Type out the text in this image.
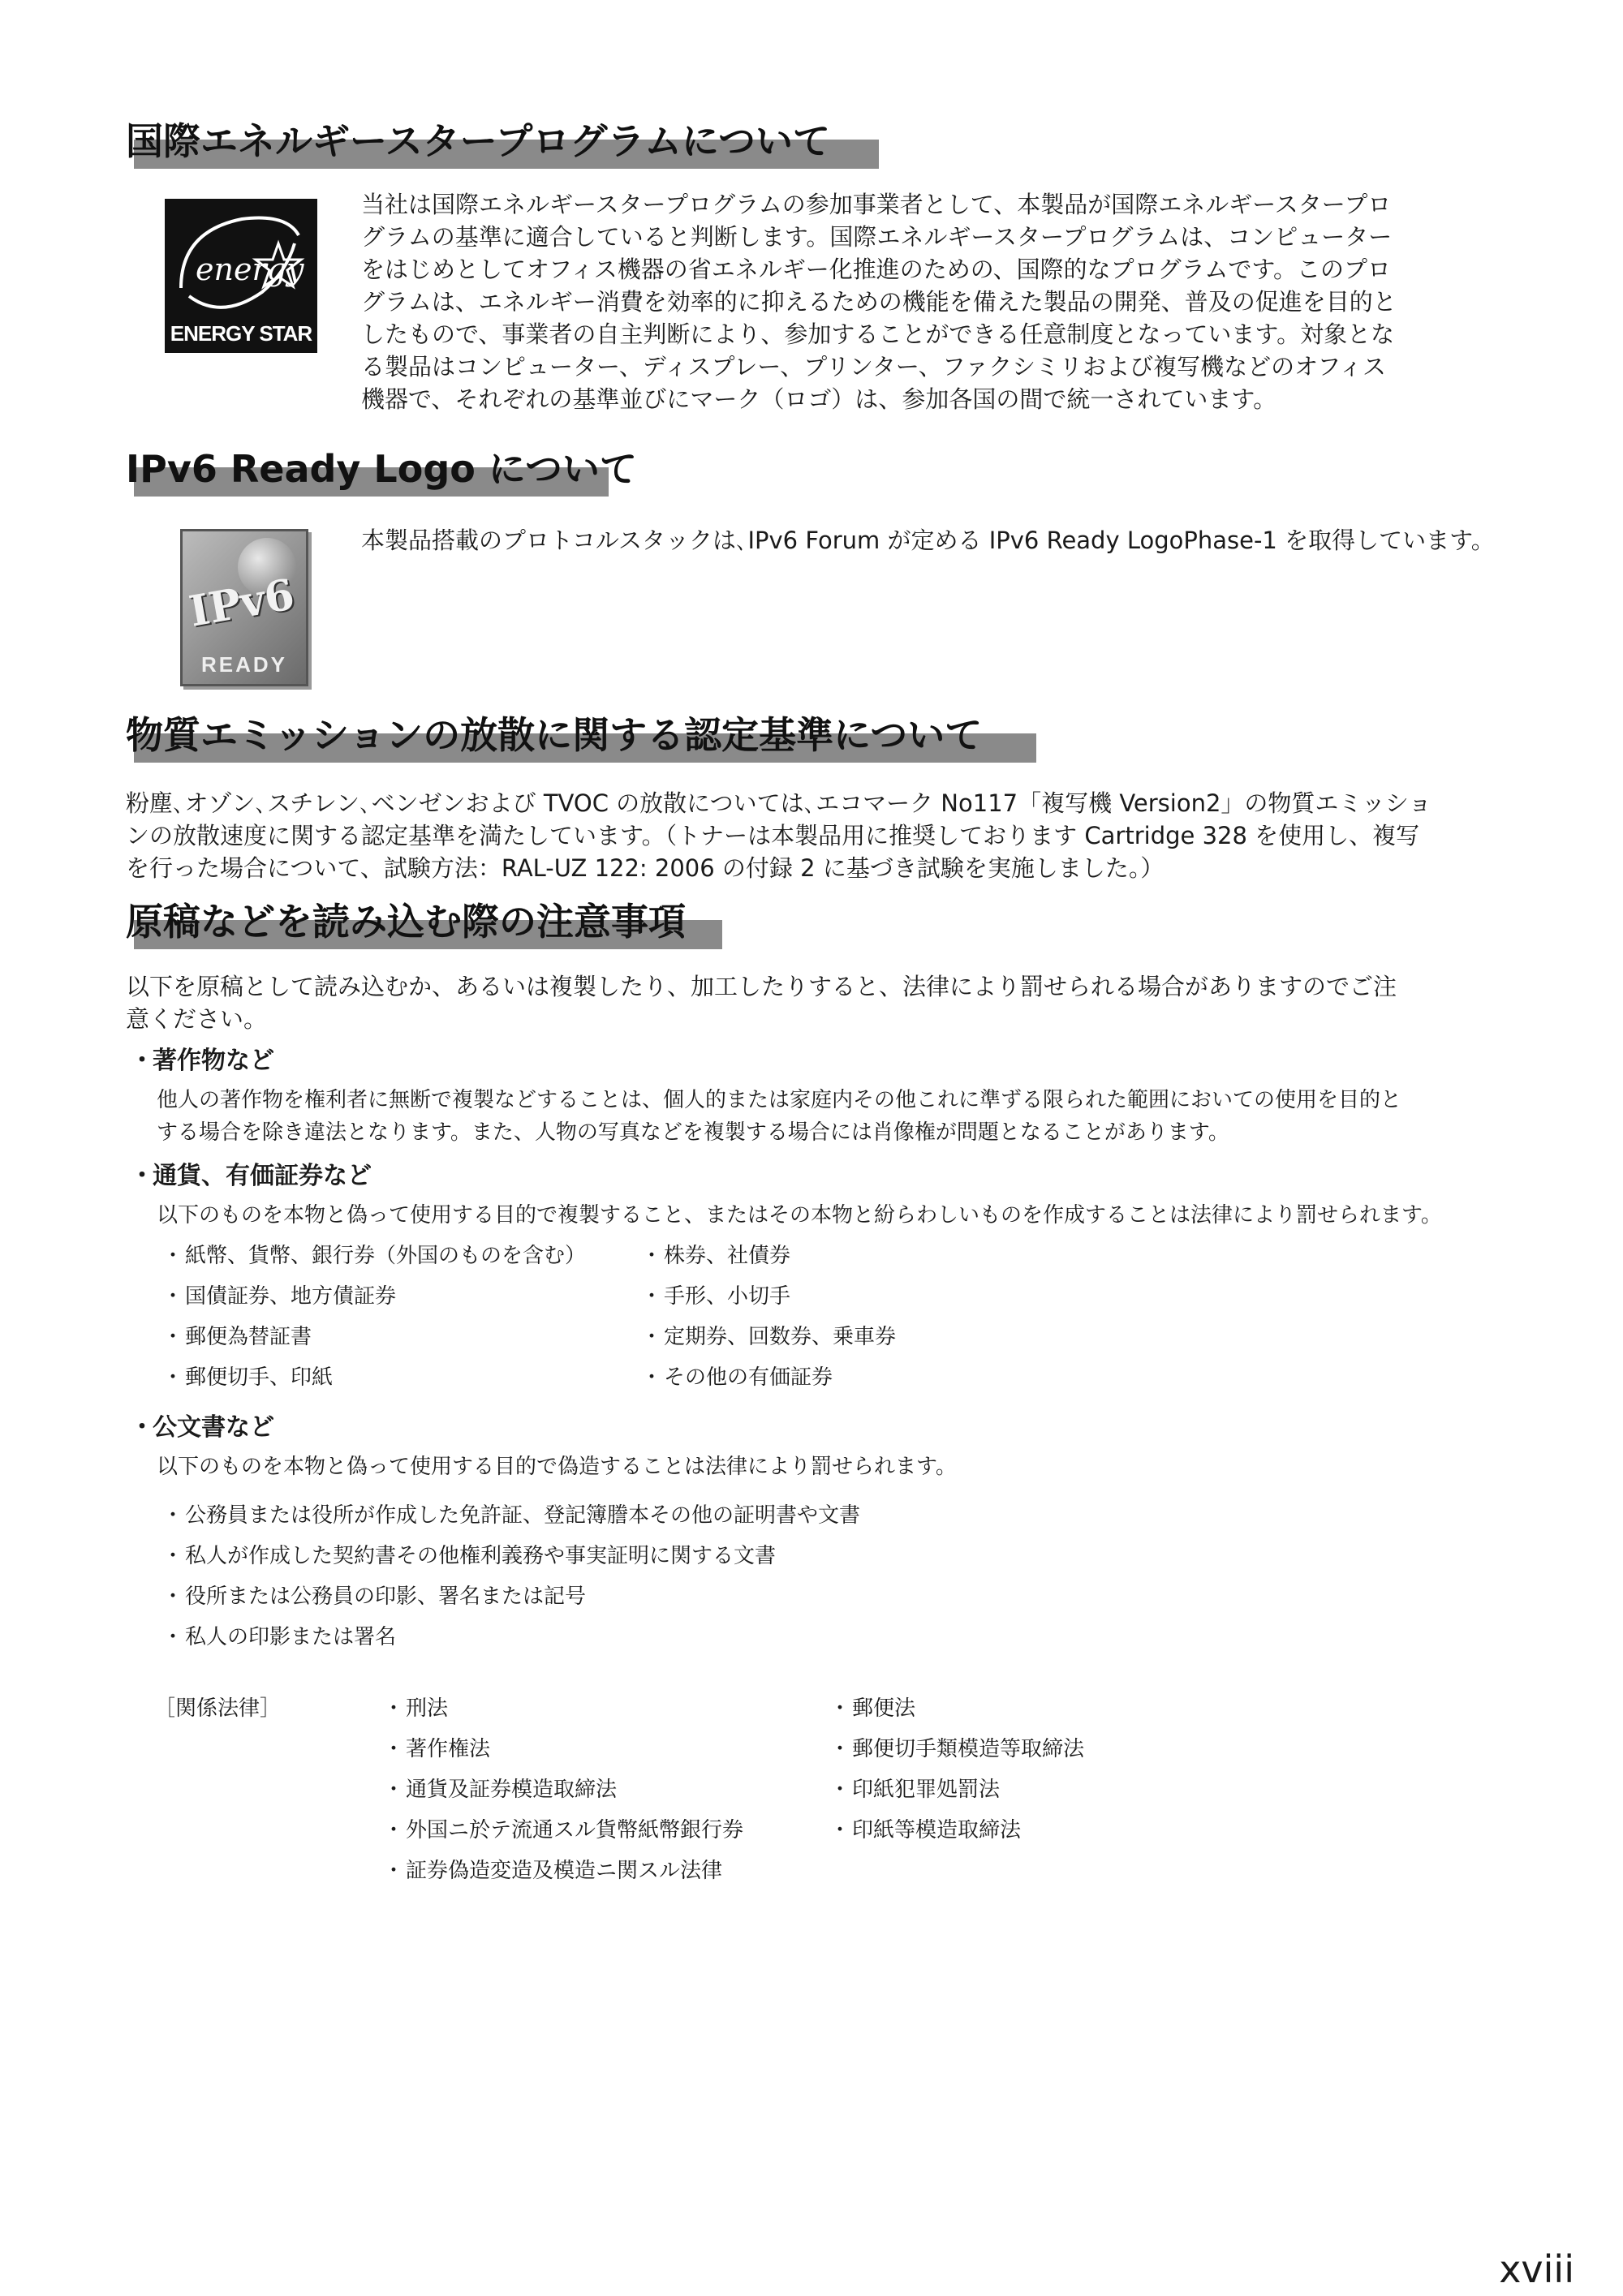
国際エネルギースタープログラムについて
energy
ENERGY STAR
当社は国際エネルギースタープログラムの参加事業者として、本製品が国際エネルギースタープロ
グラムの基準に適合していると判断します。国際エネルギースタープログラムは、コンピューター
をはじめとしてオフィス機器の省エネルギー化推進のための、国際的なプログラムです。このプロ
グラムは、エネルギー消費を効率的に抑えるための機能を備えた製品の開発、普及の促進を目的と
したもので、事業者の自主判断により、参加することができる任意制度となっています。対象とな
る製品はコンピューター、ディスプレー、プリンター、ファクシミリおよび複写機などのオフィス
機器で、それぞれの基準並びにマーク（ロゴ）は、参加各国の間で統一されています。
IPv6 Ready Logo について
IPv6
READY
本製品搭載のプロトコルスタックは､IPv6 Forum が定める IPv6 Ready LogoPhase-1 を取得しています。
物質エミッションの放散に関する認定基準について
粉塵､オゾン､スチレン､ベンゼンおよび TVOC の放散については､エコマーク No117「複写機 Version2」の物質エミッショ
ンの放散速度に関する認定基準を満たしています。（トナーは本製品用に推奨しております Cartridge 328 を使用し、複写
を行った場合について、試験方法：RAL-UZ 122: 2006 の付録 2 に基づき試験を実施しました。）
原稿などを読み込む際の注意事項
以下を原稿として読み込むか、あるいは複製したり、加工したりすると、法律により罰せられる場合がありますのでご注
意ください。
・著作物など
他人の著作物を権利者に無断で複製などすることは、個人的または家庭内その他これに準ずる限られた範囲においての使用を目的と
する場合を除き違法となります。また、人物の写真などを複製する場合には肖像権が問題となることがあります。
・通貨、有価証券など
以下のものを本物と偽って使用する目的で複製すること、またはその本物と紛らわしいものを作成することは法律により罰せられます。
・紙幣、貨幣、銀行券（外国のものを含む）
・国債証券、地方債証券
・郵便為替証書
・郵便切手、印紙
・株券、社債券
・手形、小切手
・定期券、回数券、乗車券
・その他の有価証券
・公文書など
以下のものを本物と偽って使用する目的で偽造することは法律により罰せられます。
・公務員または役所が作成した免許証、登記簿謄本その他の証明書や文書
・私人が作成した契約書その他権利義務や事実証明に関する文書
・役所または公務員の印影、署名または記号
・私人の印影または署名
［関係法律］	・刑法
・著作権法
・通貨及証券模造取締法
・外国ニ於テ流通スル貨幣紙幣銀行券
・証券偽造変造及模造ニ関スル法律
・郵便法
・郵便切手類模造等取締法
・印紙犯罪処罰法
・印紙等模造取締法
xviii
